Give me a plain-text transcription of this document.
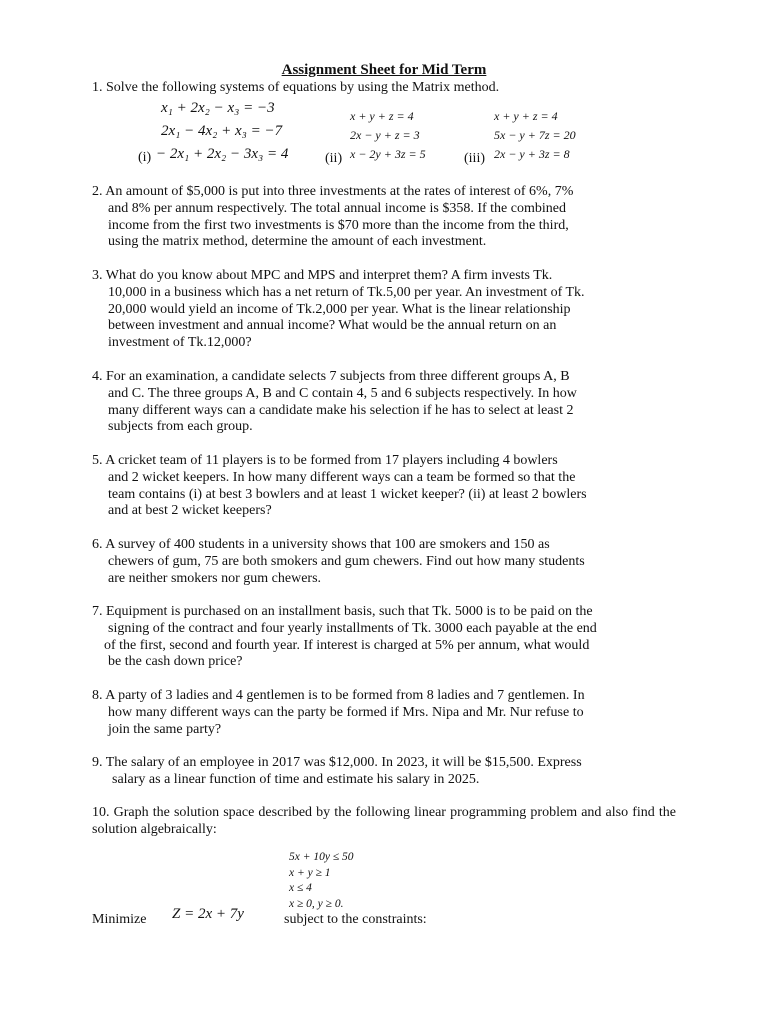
Assignment Sheet for Mid Term
1. Solve the following systems of equations by using the Matrix method.
x₁ + 2x₂ − x₃ = −3
2x₁ − 4x₂ + x₃ = −7
− 2x₁ + 2x₂ − 3x₃ = 4
(i)
x + y + z = 4
2x − y + z = 3
x − 2y + 3z = 5
(ii)
x + y + z = 4
5x − y + 7z = 20
2x − y + 3z = 8
(iii)
2. An amount of $5,000 is put into three investments at the rates of interest of 6%, 7%
and 8% per annum respectively. The total annual income is $358. If the combined
income from the first two investments is $70 more than the income from the third,
using the matrix method, determine the amount of each investment.
3. What do you know about MPC and MPS and interpret them? A firm invests Tk.
10,000 in a business which has a net return of Tk.5,00 per year. An investment of Tk.
20,000 would yield an income of Tk.2,000 per year. What is the linear relationship
between investment and annual income? What would be the annual return on an
investment of Tk.12,000?
4. For an examination, a candidate selects 7 subjects from three different groups A, B
and C. The three groups A, B and C contain 4, 5 and 6 subjects respectively. In how
many different ways can a candidate make his selection if he has to select at least 2
subjects from each group.
5. A cricket team of 11 players is to be formed from 17 players including 4 bowlers
and 2 wicket keepers. In how many different ways can a team be formed so that the
team contains (i) at best 3 bowlers and at least 1 wicket keeper? (ii) at least 2 bowlers
and at best 2 wicket keepers?
6. A survey of 400 students in a university shows that 100 are smokers and 150 as
chewers of gum, 75 are both smokers and gum chewers. Find out how many students
are neither smokers nor gum chewers.
7. Equipment is purchased on an installment basis, such that Tk. 5000 is to be paid on the
signing of the contract and four yearly installments of Tk. 3000 each payable at the end
of the first, second and fourth year. If interest is charged at 5% per annum, what would
be the cash down price?
8. A party of 3 ladies and 4 gentlemen is to be formed from 8 ladies and 7 gentlemen. In
how many different ways can the party be formed if Mrs. Nipa and Mr. Nur refuse to
join the same party?
9. The salary of an employee in 2017 was $12,000. In 2023, it will be $15,500. Express
salary as a linear function of time and estimate his salary in 2025.
10. Graph the solution space described by the following linear programming problem and also find the solution algebraically:
5x + 10y ≤ 50
x + y ≥ 1
x ≤ 4
x ≥ 0, y ≥ 0.
Minimize Z = 2x + 7y	subject to the constraints:
